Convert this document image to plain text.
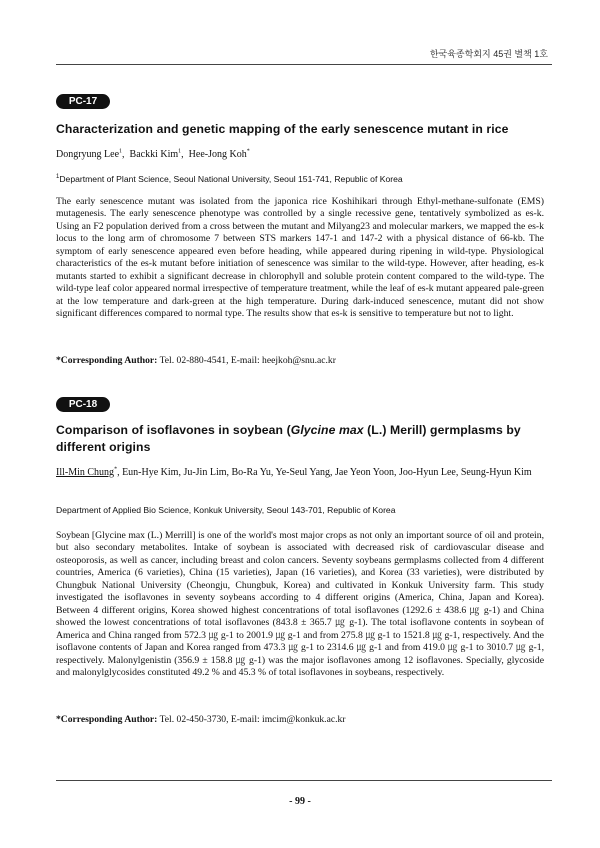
한국육종학회지 45권 별책 1호
PC-17
Characterization and genetic mapping of the early senescence mutant in rice
Dongryung Lee$^1$,  Backki Kim$^1$,  Hee-Jong Koh*
$^1$Department of Plant Science, Seoul National University, Seoul 151-741, Republic of Korea
The early senescence mutant was isolated from the japonica rice Koshihikari through Ethyl-methane-sulfonate (EMS) mutagenesis. The early senescence phenotype was controlled by a single recessive gene, tentatively symbolized as es-k. Using an F2 population derived from a cross between the mutant and Milyang23 and molecular markers, we mapped the es-k locus to the long arm of chromosome 7 between STS markers 147-1 and 147-2 with a physical distance of 66-kb. The symptom of early senescence appeared even before heading, while appeared during ripening in wild-type. Physiological characteristics of the es-k mutant before initiation of senescence was similar to the wild-type. However, after heading, es-k mutants started to exhibit a significant decrease in chlorophyll and soluble protein content compared to the wild-type. The wild-type leaf color appeared normal irrespective of temperature treatment, while the leaf of es-k mutant appeared pale-green at the low temperature and dark-green at the high temperature. During dark-induced senescence, mutant did not show significant differences compared to normal type. The results show that es-k is sensitive to temperature but not to light.
*Corresponding Author: Tel. 02-880-4541, E-mail: heejkoh@snu.ac.kr
PC-18
Comparison of isoflavones in soybean (Glycine max (L.) Merill) germplasms by different origins
Ill-Min Chung*, Eun-Hye Kim, Ju-Jin Lim, Bo-Ra Yu, Ye-Seul Yang, Jae Yeon Yoon, Joo-Hyun Lee, Seung-Hyun Kim
Department of Applied Bio Science, Konkuk University, Seoul 143-701, Republic of Korea
Soybean [Glycine max (L.) Merrill] is one of the world's most major crops as not only an important source of oil and protein, but also secondary metabolites. Intake of soybean is associated with decreased risk of cardiovascular disease and osteoporosis, as well as cancer, including breast and colon cancers. Seventy soybeans germplasms collected from 4 different countries, America (6 varieties), China (15 varieties), Japan (16 varieties), and Korea (33 varieties), were distributed by Chungbuk National University (Cheongju, Chungbuk, Korea) and cultivated in Konkuk University farm. This study investigated the isoflavones in seventy soybeans according to 4 different origins (America, China, Japan and Korea). Between 4 different origins, Korea showed highest concentrations of total isoflavones (1292.6 ± 438.6 ㎍ g-1) and China showed the lowest concentrations of total isoflavones (843.8 ± 365.7 ㎍ g-1). The total isoflavone contents in soybean of America and China ranged from 572.3 ㎍ g-1 to 2001.9 ㎍ g-1 and from 275.8 ㎍ g-1 to 1521.8 ㎍ g-1, respectively. And the isoflavone contents of Japan and Korea ranged from 473.3 ㎍ g-1 to 2314.6 ㎍ g-1 and from 419.0 ㎍ g-1 to 3010.7 ㎍ g-1, respectively. Malonylgenistin (356.9 ± 158.8 ㎍ g-1) was the major isoflavones among 12 isoflavones. Specially, glycoside and malonylglycosides constituted 49.2 % and 45.3 % of total isoflavones in soybeans, respectively.
*Corresponding Author: Tel. 02-450-3730, E-mail: imcim@konkuk.ac.kr
- 99 -
